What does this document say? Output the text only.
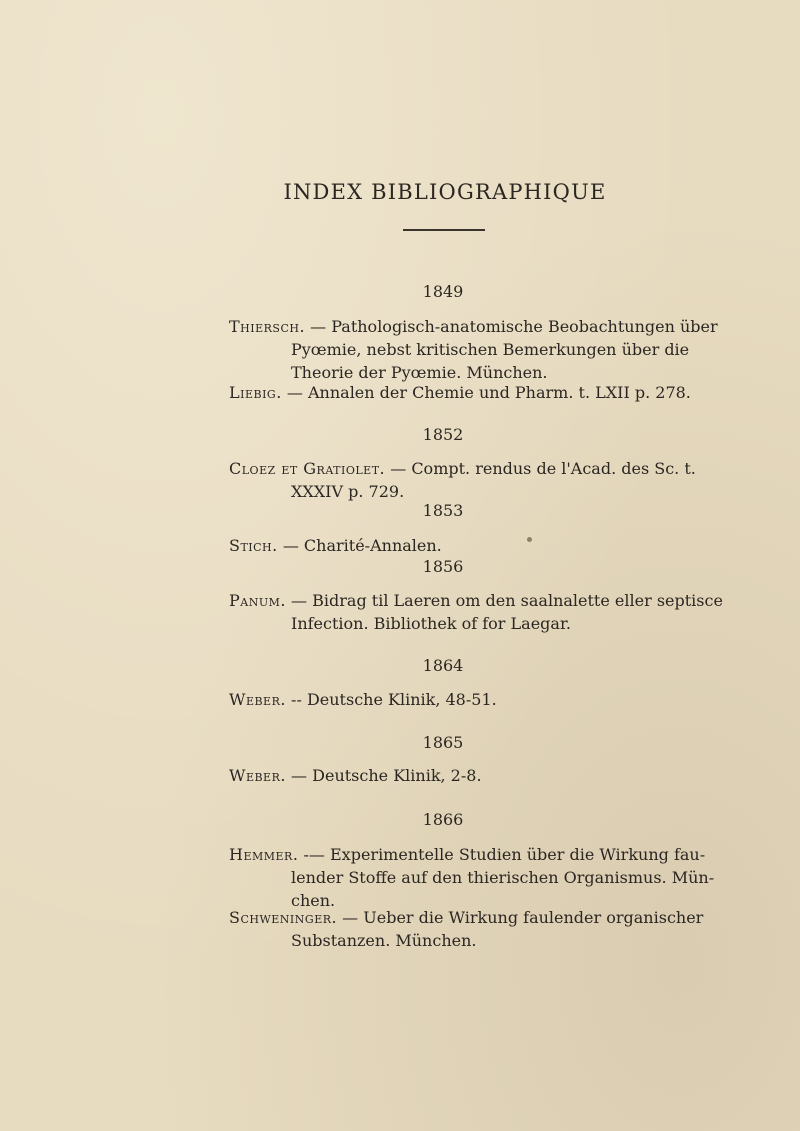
INDEX BIBLIOGRAPHIQUE
1849
Thiersch. — Pathologisch-anatomische Beobachtungen über
Pyœmie, nebst kritischen Bemerkungen über die
Theorie der Pyœmie. München.
Liebig. — Annalen der Chemie und Pharm. t. LXII p. 278.
1852
Cloez et Gratiolet. — Compt. rendus de l'Acad. des Sc. t.
XXXIV p. 729.
1853
Stich. — Charité-Annalen.
1856
Panum. — Bidrag til Laeren om den saalnalette eller septisce
Infection. Bibliothek of for Laegar.
1864
Weber. -- Deutsche Klinik, 48-51.
1865
Weber. — Deutsche Klinik, 2-8.
1866
Hemmer. -— Experimentelle Studien über die Wirkung fau-
lender Stoffe auf den thierischen Organismus. Mün-
chen.
Schweninger. — Ueber die Wirkung faulender organischer
Substanzen. München.
